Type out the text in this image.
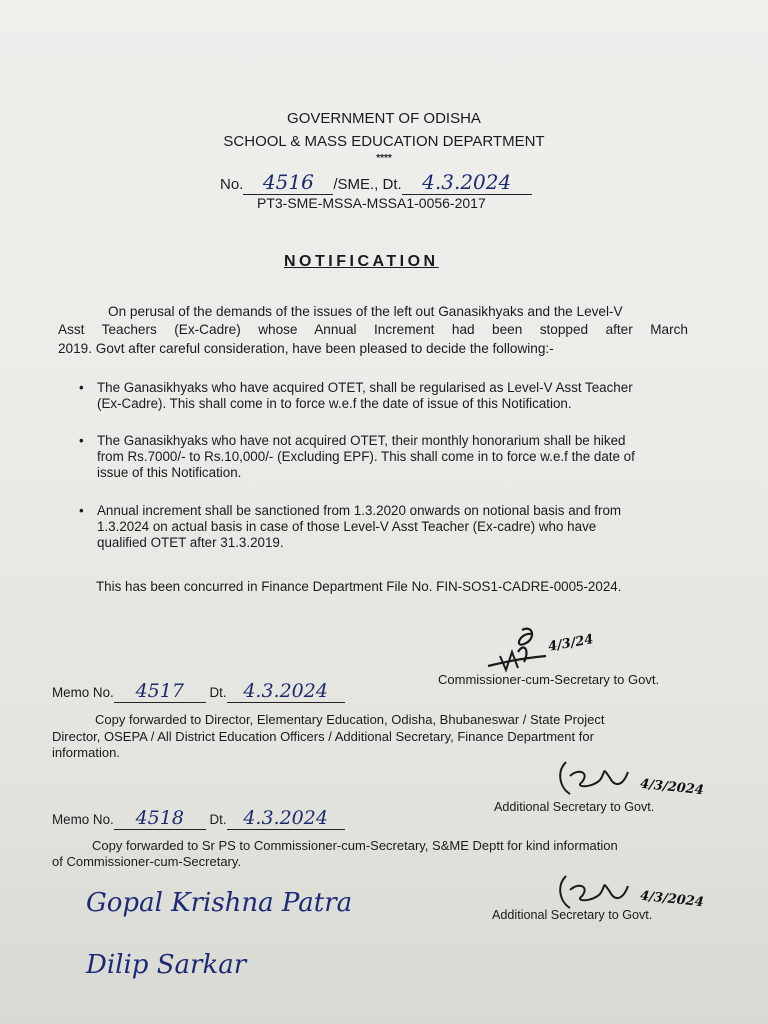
GOVERNMENT OF ODISHA
SCHOOL & MASS EDUCATION DEPARTMENT
****
No. 4516 /SME., Dt. 4.3.2024
PT3-SME-MSSA-MSSA1-0056-2017
NOTIFICATION
On perusal of the demands of the issues of the left out Ganasikhyaks and the Level-V
Asst Teachers (Ex-Cadre) whose Annual Increment had been stopped after March
2019. Govt after careful consideration, have been pleased to decide the following:-
• The Ganasikhyaks who have acquired OTET, shall be regularised as Level-V Asst Teacher
(Ex-Cadre). This shall come in to force w.e.f the date of issue of this Notification.
• The Ganasikhyaks who have not acquired OTET, their monthly honorarium shall be hiked
from Rs.7000/- to Rs.10,000/- (Excluding EPF). This shall come in to force w.e.f the date of
issue of this Notification.
• Annual increment shall be sanctioned from 1.3.2020 onwards on notional basis and from
1.3.2024 on actual basis in case of those Level-V Asst Teacher (Ex-cadre) who have
qualified OTET after 31.3.2019.
This has been concurred in Finance Department File No. FIN-SOS1-CADRE-0005-2024.
4/3/24
Commissioner-cum-Secretary to Govt.
Memo No. 4517 Dt. 4.3.2024
Copy forwarded to Director, Elementary Education, Odisha, Bhubaneswar / State Project
Director, OSEPA / All District Education Officers / Additional Secretary, Finance Department for
information.
4/3/2024
Additional Secretary to Govt.
Memo No. 4518 Dt. 4.3.2024
Copy forwarded to Sr PS to Commissioner-cum-Secretary, S&ME Deptt for kind information
of Commissioner-cum-Secretary.
4/3/2024
Additional Secretary to Govt.
Gopal Krishna Patra
Dilip Sarkar
